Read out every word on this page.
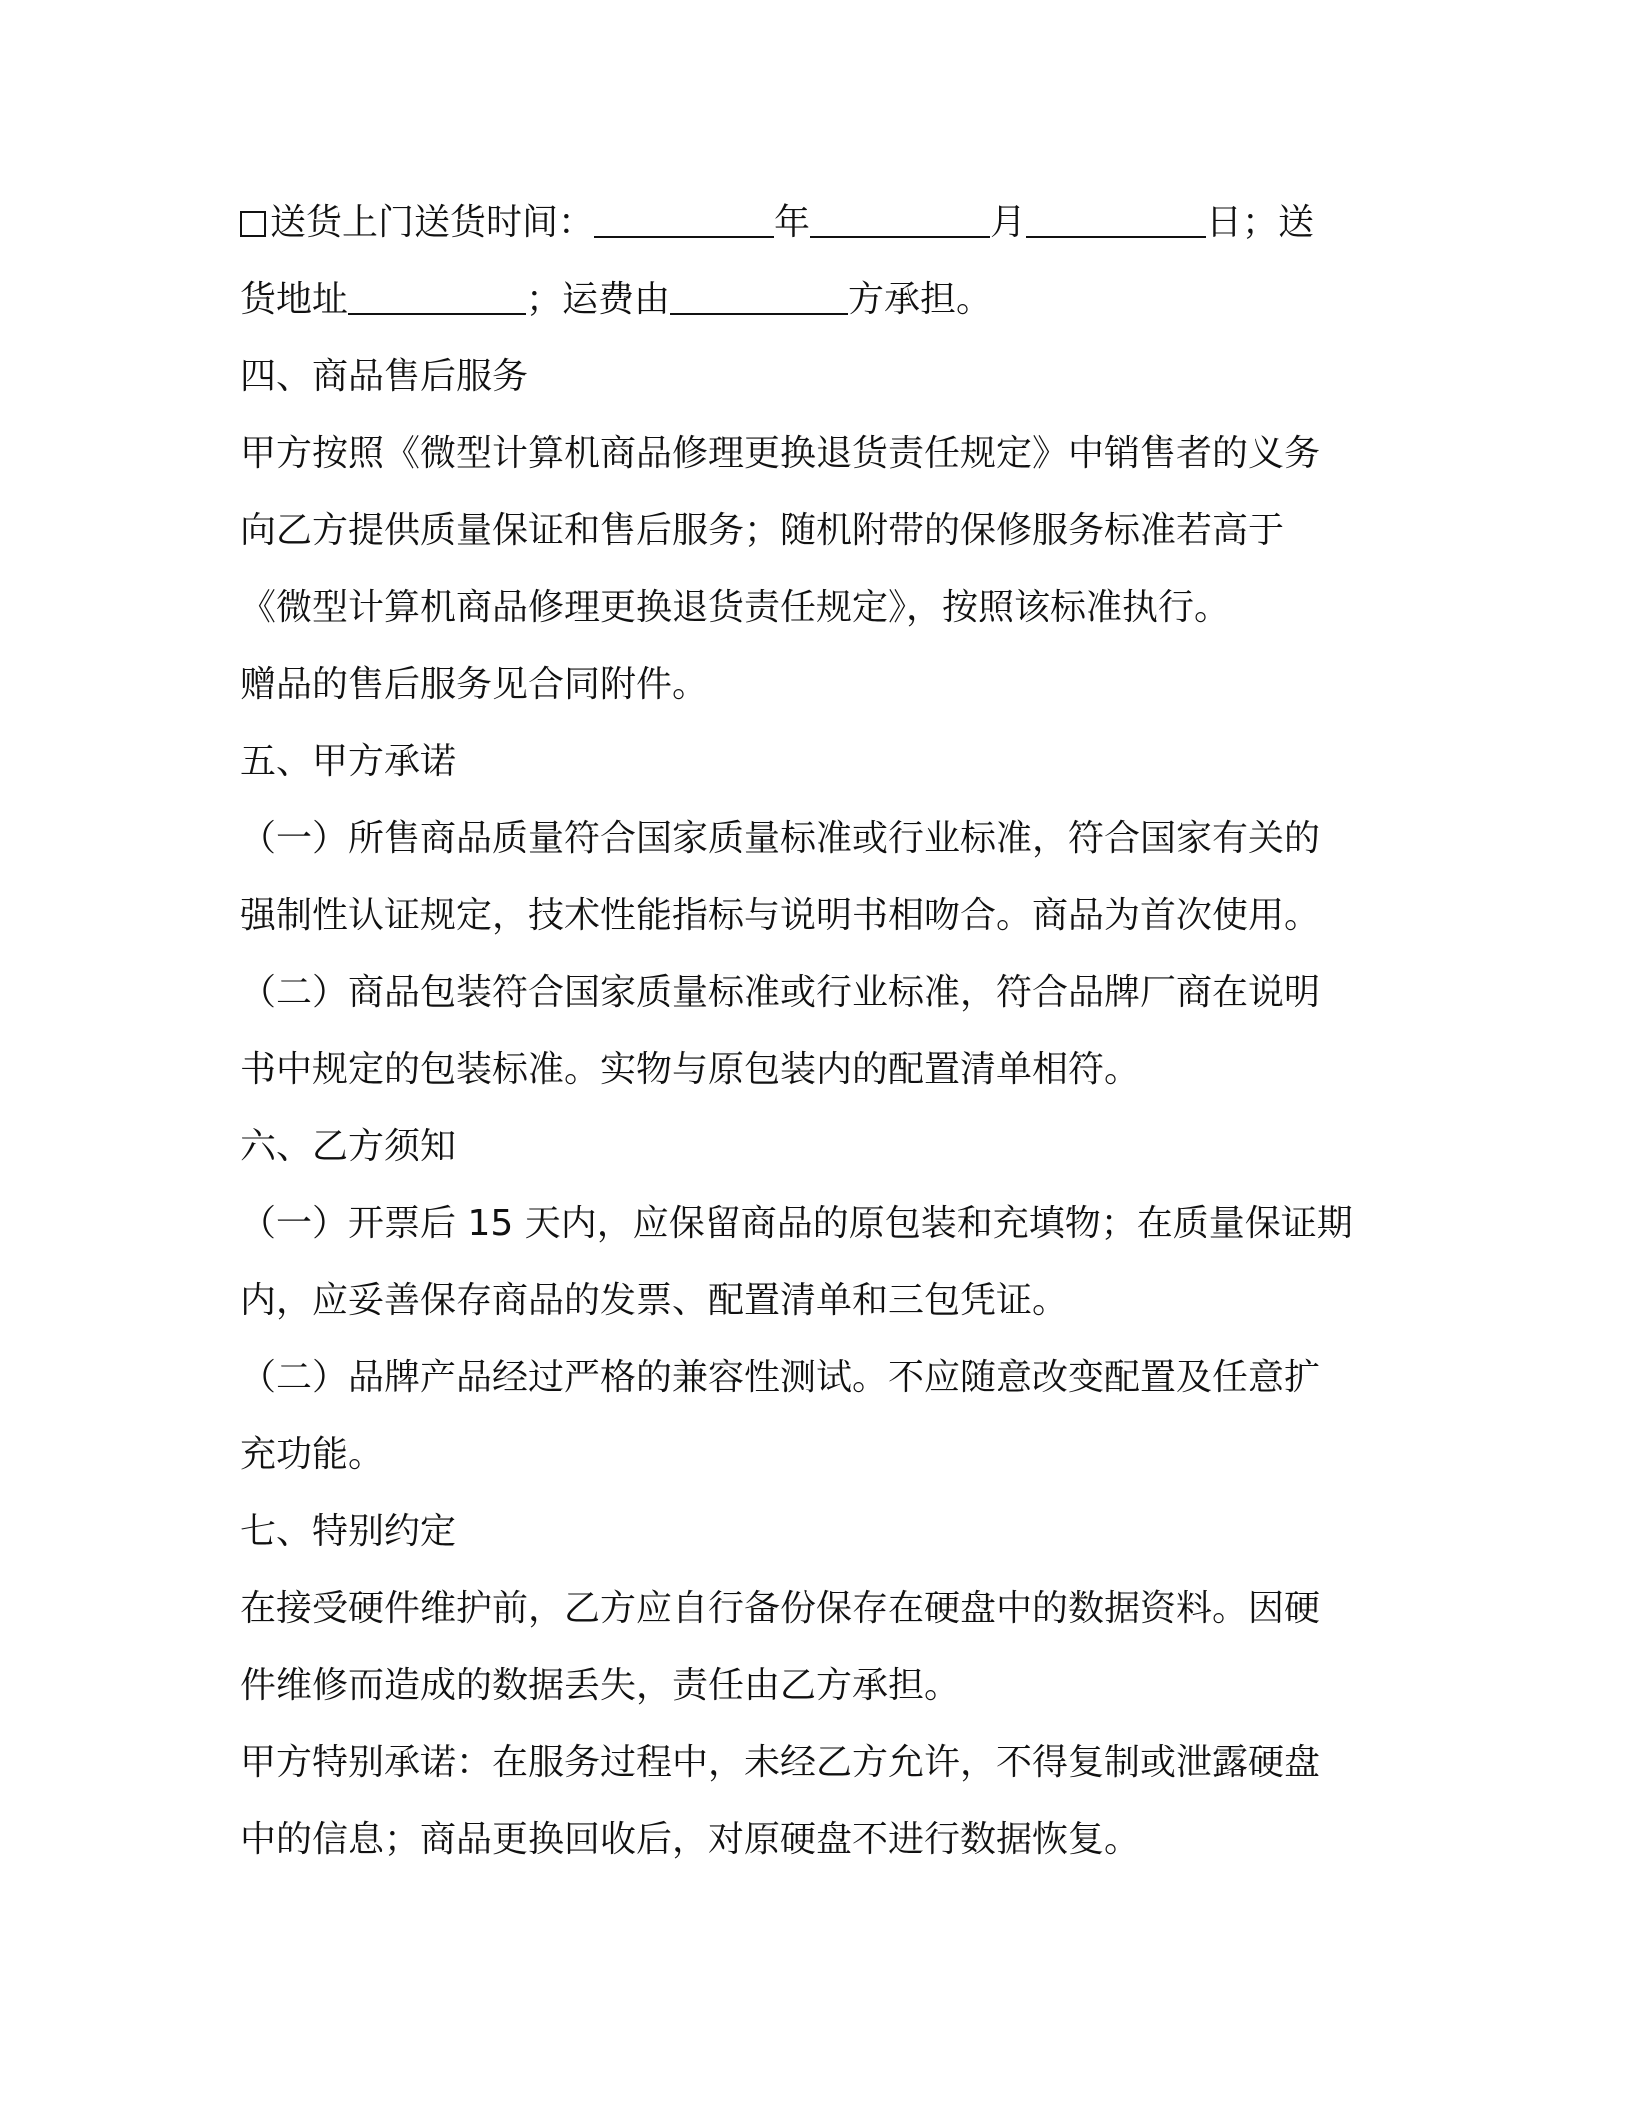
送货上门送货时间：	年	月	日；送
货地址	；运费由	方承担。
四、商品售后服务
甲方按照《微型计算机商品修理更换退货责任规定》中销售者的义务
向乙方提供质量保证和售后服务；随机附带的保修服务标准若高于
《微型计算机商品修理更换退货责任规定》，按照该标准执行。
赠品的售后服务见合同附件。
五、甲方承诺
（一）所售商品质量符合国家质量标准或行业标准，符合国家有关的
强制性认证规定，技术性能指标与说明书相吻合。商品为首次使用。
（二）商品包装符合国家质量标准或行业标准，符合品牌厂商在说明
书中规定的包装标准。实物与原包装内的配置清单相符。
六、乙方须知
（一）开票后 15 天内，应保留商品的原包装和充填物；在质量保证期
内，应妥善保存商品的发票、配置清单和三包凭证。
（二）品牌产品经过严格的兼容性测试。不应随意改变配置及任意扩
充功能。
七、特别约定
在接受硬件维护前，乙方应自行备份保存在硬盘中的数据资料。因硬
件维修而造成的数据丢失，责任由乙方承担。
甲方特别承诺：在服务过程中，未经乙方允许，不得复制或泄露硬盘
中的信息；商品更换回收后，对原硬盘不进行数据恢复。
